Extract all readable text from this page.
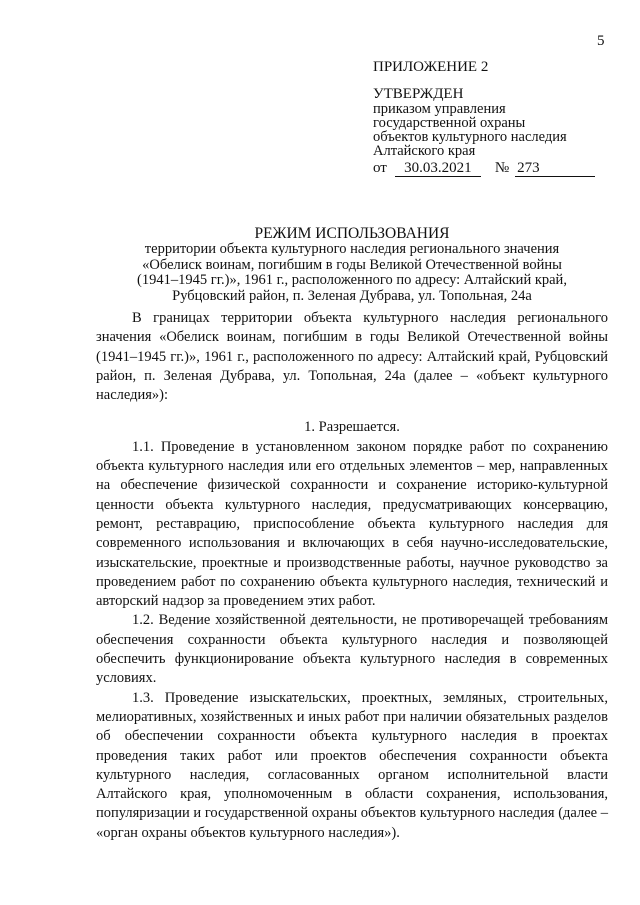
5
ПРИЛОЖЕНИЕ 2
УТВЕРЖДЕН
приказом управления
государственной охраны
объектов культурного наследия
Алтайского края
от	30.03.2021	№ 273
РЕЖИМ ИСПОЛЬЗОВАНИЯ
территории объекта культурного наследия регионального значения
«Обелиск воинам, погибшим в годы Великой Отечественной войны
(1941–1945 гг.)», 1961 г., расположенного по адресу: Алтайский край,
Рубцовский район, п. Зеленая Дубрава, ул. Топольная, 24а

В границах территории объекта культурного наследия регионального значения «Обелиск воинам, погибшим в годы Великой Отечественной войны (1941–1945 гг.)», 1961 г., расположенного по адресу: Алтайский край, Рубцовский район, п. Зеленая Дубрава, ул. Топольная, 24а (далее – «объект культурного наследия»):

1. Разрешается.

1.1. Проведение в установленном законом порядке работ по сохранению объекта культурного наследия или его отдельных элементов – мер, направленных на обеспечение физической сохранности и сохранение историко-культурной ценности объекта культурного наследия, предусматривающих консервацию, ремонт, реставрацию, приспособление объекта культурного наследия для современного использования и включающих в себя научно-исследовательские, изыскательские, проектные и производственные работы, научное руководство за проведением работ по сохранению объекта культурного наследия, технический и авторский надзор за проведением этих работ.

1.2. Ведение хозяйственной деятельности, не противоречащей требованиям обеспечения сохранности объекта культурного наследия и позволяющей обеспечить функционирование объекта культурного наследия в современных условиях.

1.3. Проведение изыскательских, проектных, земляных, строительных, мелиоративных, хозяйственных и иных работ при наличии обязательных разделов об обеспечении сохранности объекта культурного наследия в проектах проведения таких работ или проектов обеспечения сохранности объекта культурного наследия, согласованных органом исполнительной власти Алтайского края, уполномоченным в области сохранения, использования, популяризации и государственной охраны объектов культурного наследия (далее – «орган охраны объектов культурного наследия»).
